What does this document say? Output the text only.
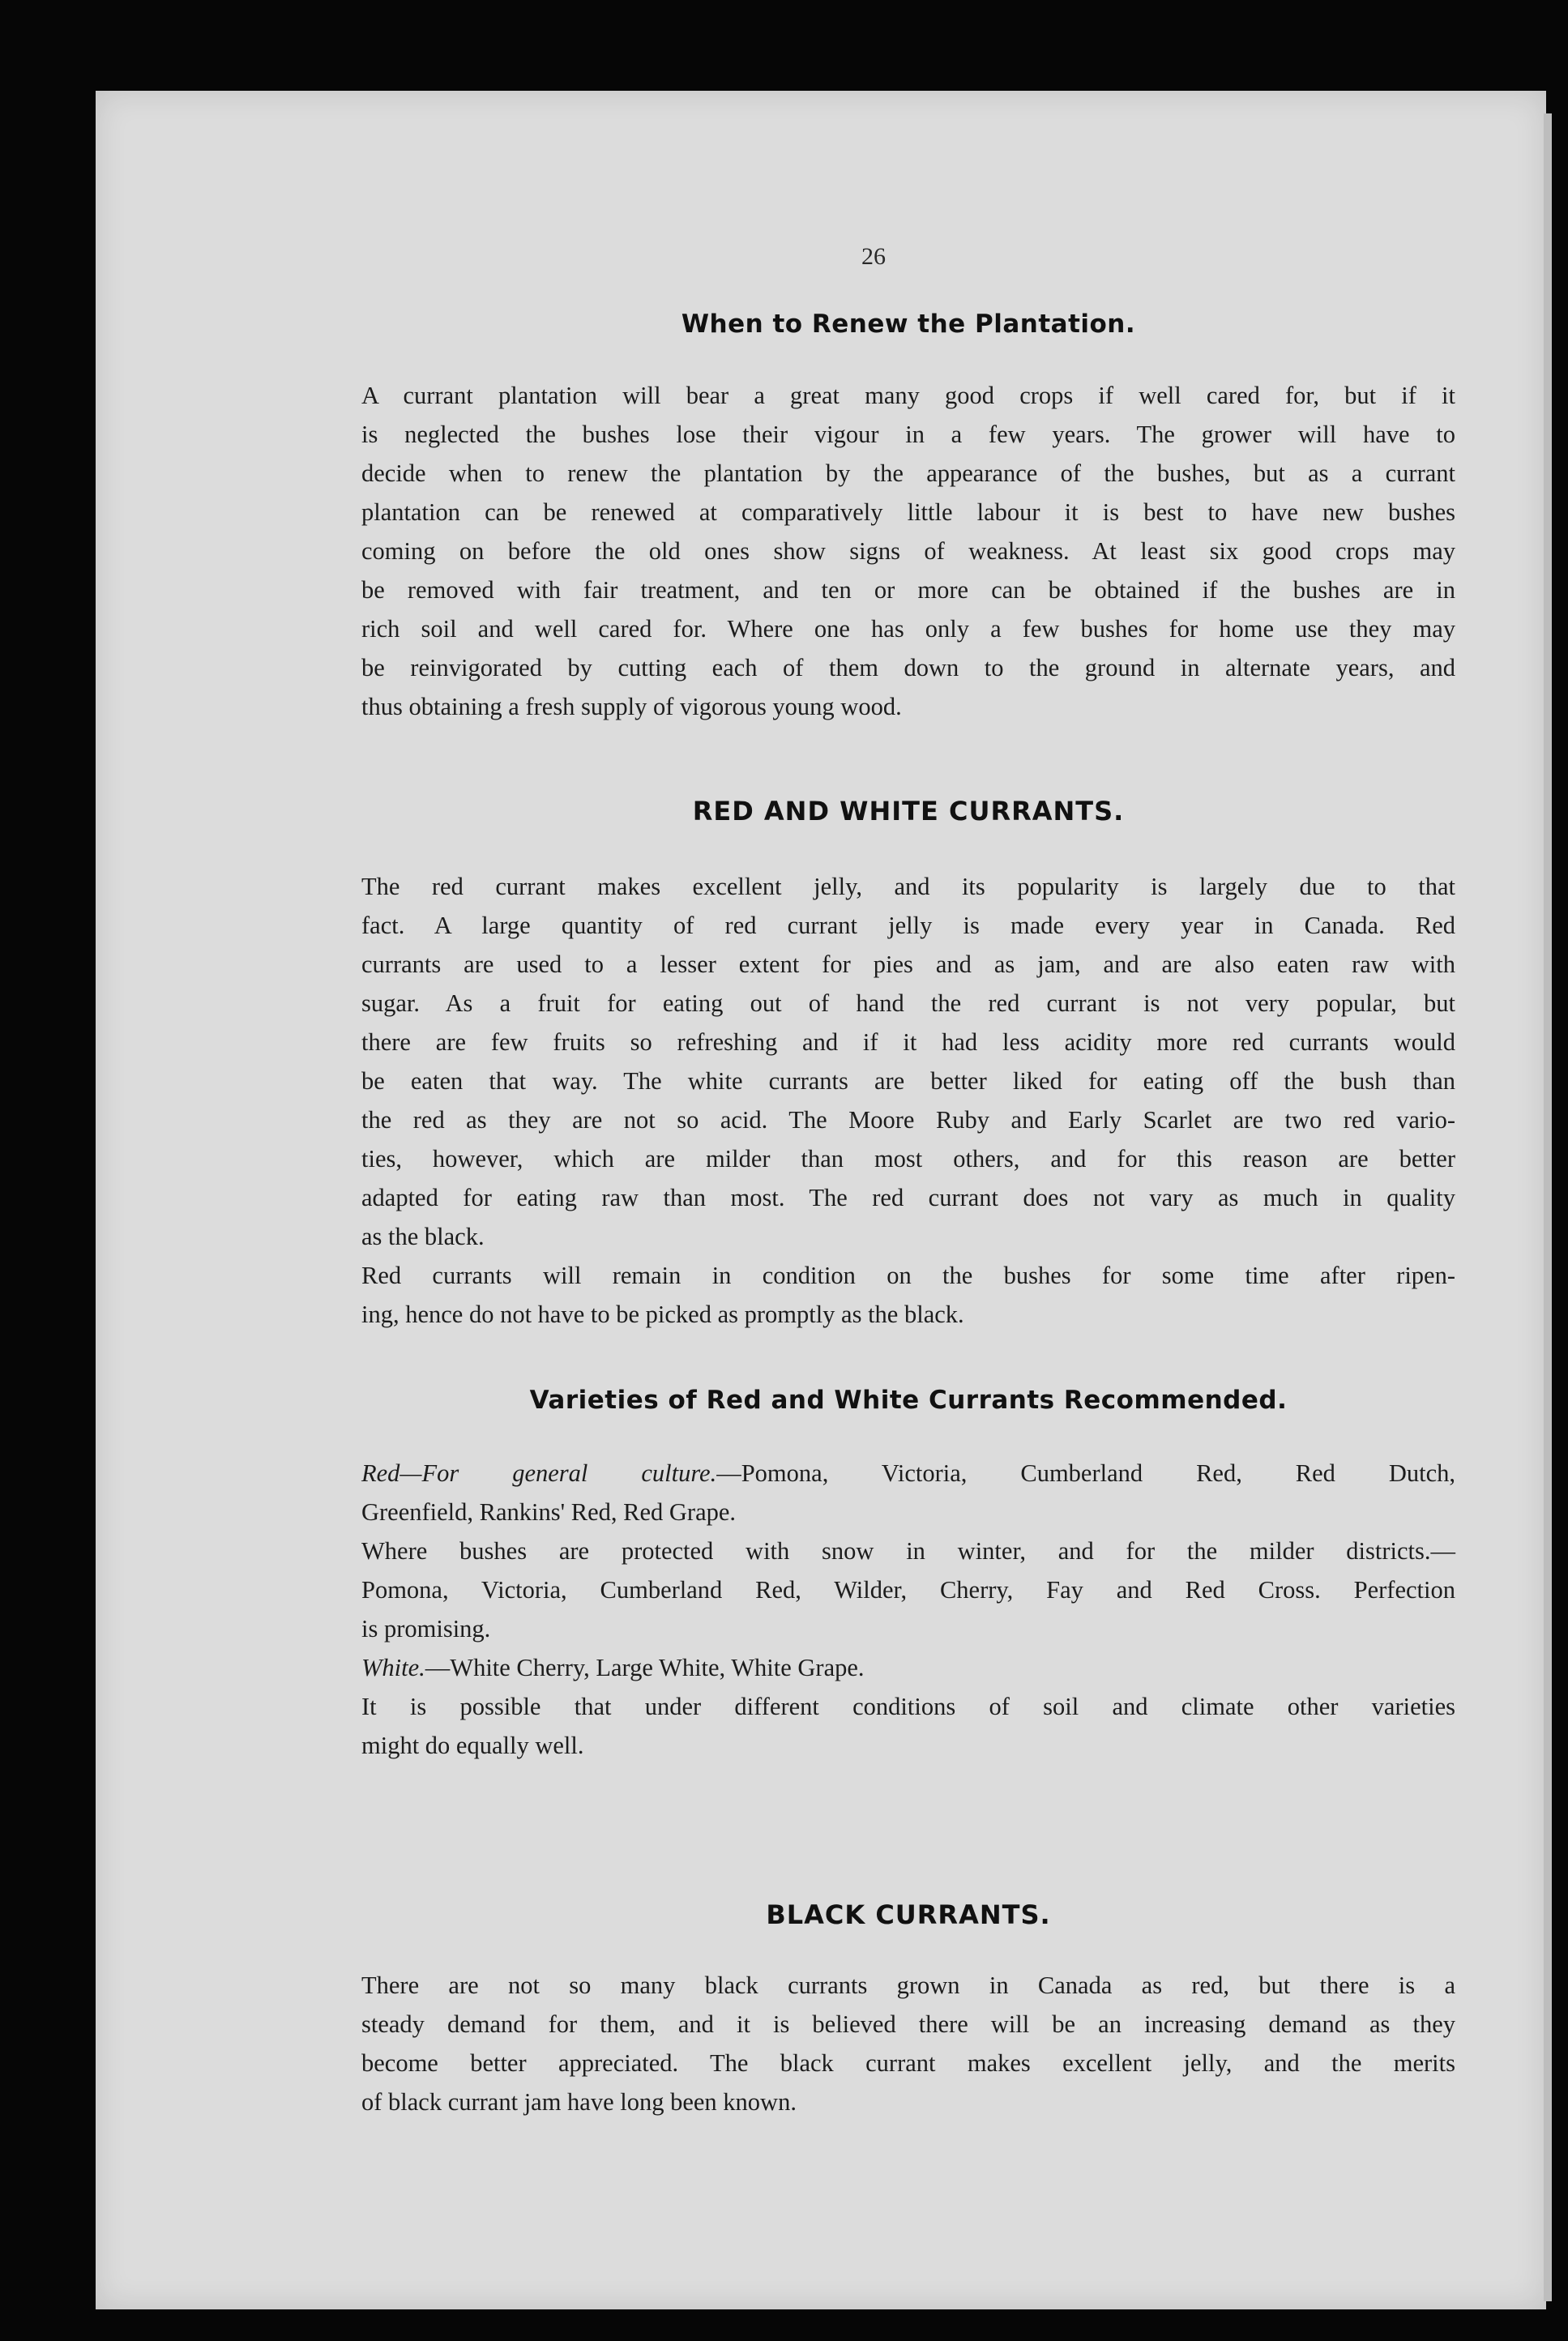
26
When to Renew the Plantation.
A currant plantation will bear a great many good crops if well cared for, but if it
is neglected the bushes lose their vigour in a few years. The grower will have to
decide when to renew the plantation by the appearance of the bushes, but as a currant
plantation can be renewed at comparatively little labour it is best to have new bushes
coming on before the old ones show signs of weakness. At least six good crops may
be removed with fair treatment, and ten or more can be obtained if the bushes are in
rich soil and well cared for. Where one has only a few bushes for home use they may
be reinvigorated by cutting each of them down to the ground in alternate years, and
thus obtaining a fresh supply of vigorous young wood.
RED AND WHITE CURRANTS.
The red currant makes excellent jelly, and its popularity is largely due to that
fact. A large quantity of red currant jelly is made every year in Canada. Red
currants are used to a lesser extent for pies and as jam, and are also eaten raw with
sugar. As a fruit for eating out of hand the red currant is not very popular, but
there are few fruits so refreshing and if it had less acidity more red currants would
be eaten that way. The white currants are better liked for eating off the bush than
the red as they are not so acid. The Moore Ruby and Early Scarlet are two red vario-
ties, however, which are milder than most others, and for this reason are better
adapted for eating raw than most. The red currant does not vary as much in quality
as the black.
Red currants will remain in condition on the bushes for some time after ripen-
ing, hence do not have to be picked as promptly as the black.
Varieties of Red and White Currants Recommended.
Red—For general culture.—Pomona, Victoria, Cumberland Red, Red Dutch,
Greenfield, Rankins' Red, Red Grape.
Where bushes are protected with snow in winter, and for the milder districts.—
Pomona, Victoria, Cumberland Red, Wilder, Cherry, Fay and Red Cross. Perfection
is promising.
White.—White Cherry, Large White, White Grape.
It is possible that under different conditions of soil and climate other varieties
might do equally well.
BLACK CURRANTS.
There are not so many black currants grown in Canada as red, but there is a
steady demand for them, and it is believed there will be an increasing demand as they
become better appreciated. The black currant makes excellent jelly, and the merits
of black currant jam have long been known.
